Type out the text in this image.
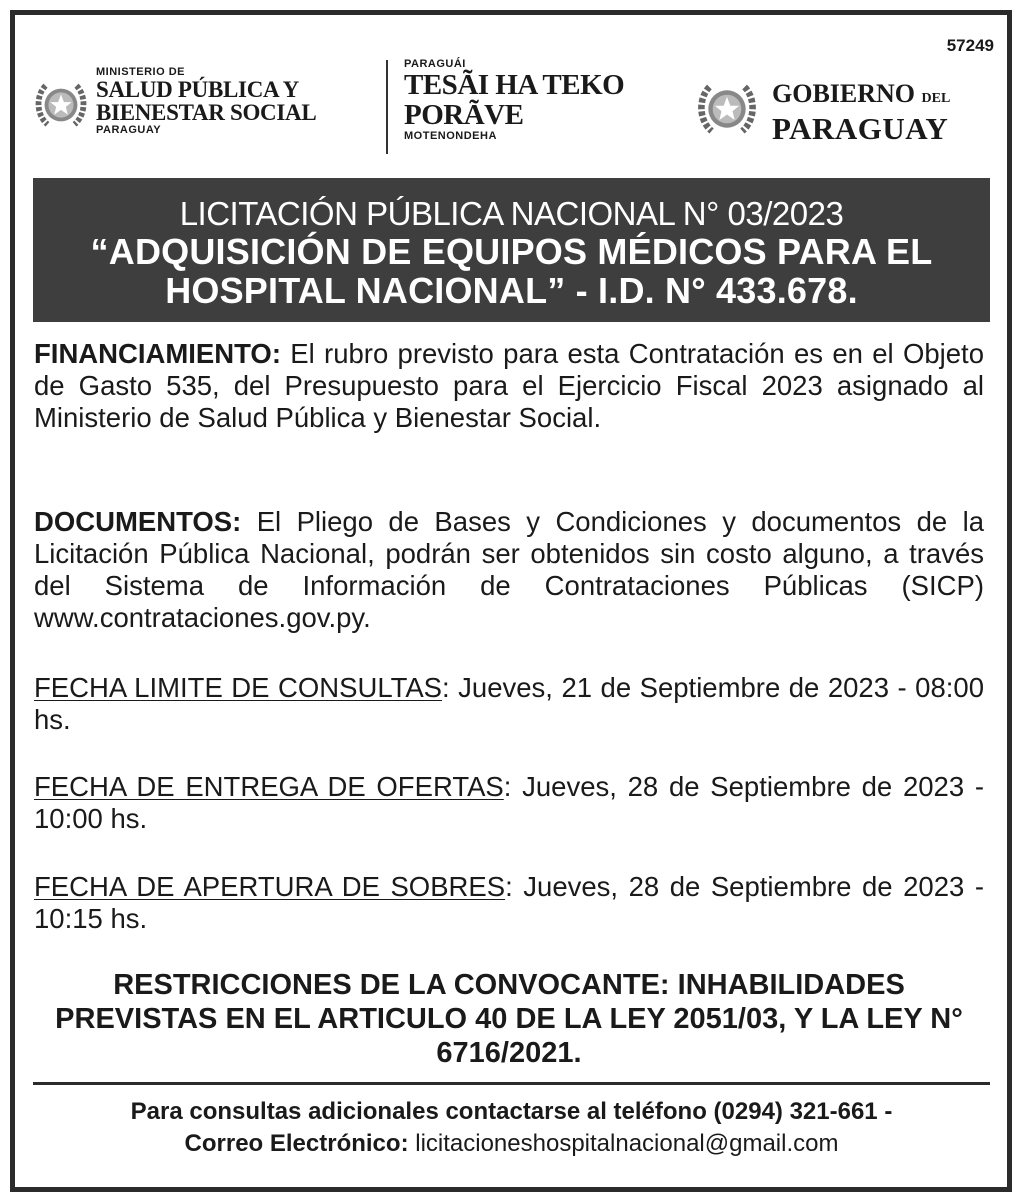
57249
MINISTERIO DE
SALUD PÚBLICA Y
BIENESTAR SOCIAL
PARAGUAY
PARAGUÁI
TESÃI HA TEKO
PORÃVE
MOTENONDEHA
GOBIERNO DEL
PARAGUAY
LICITACIÓN PÚBLICA NACIONAL N° 03/2023
“ADQUISICIÓN DE EQUIPOS MÉDICOS PARA EL
HOSPITAL NACIONAL” - I.D. N° 433.678.
FINANCIAMIENTO: El rubro previsto para esta Contratación es en el Objeto de Gasto 535, del Presupuesto para el Ejercicio Fiscal 2023 asignado al Ministerio de Salud Pública y Bienestar Social.
DOCUMENTOS: El Pliego de Bases y Condiciones y documentos de la Licitación Pública Nacional, podrán ser obtenidos sin costo alguno, a través del Sistema de Información de Contrataciones Públicas (SICP) www.contrataciones.gov.py.
FECHA LIMITE DE CONSULTAS: Jueves, 21 de Septiembre de 2023 - 08:00 hs.
FECHA DE ENTREGA DE OFERTAS: Jueves, 28 de Septiembre de 2023 - 10:00 hs.
FECHA DE APERTURA DE SOBRES: Jueves, 28 de Septiembre de 2023 - 10:15 hs.
RESTRICCIONES DE LA CONVOCANTE: INHABILIDADES PREVISTAS EN EL ARTICULO 40 DE LA LEY 2051/03, Y LA LEY N° 6716/2021.
Para consultas adicionales contactarse al teléfono (0294) 321-661 -
Correo Electrónico: licitacioneshospitalnacional@gmail.com
